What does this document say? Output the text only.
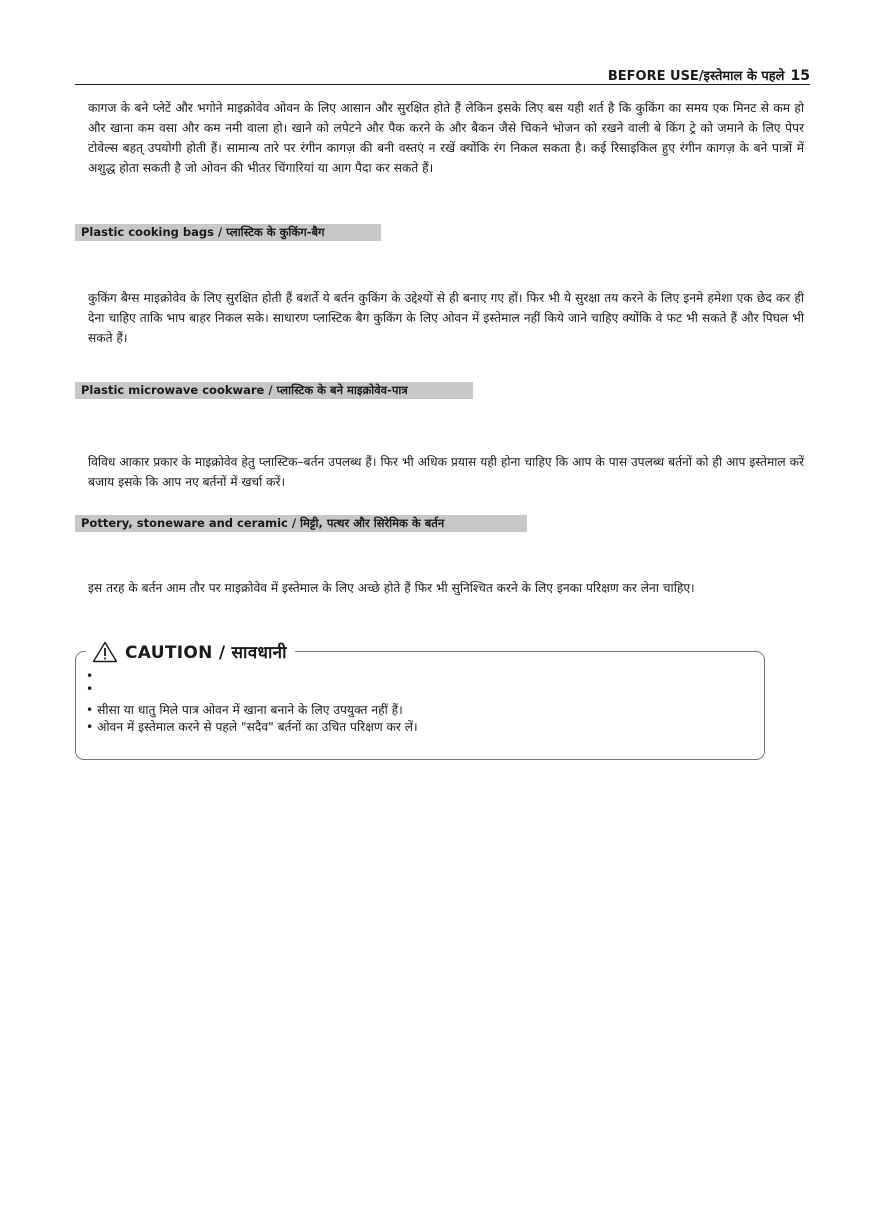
BEFORE USE/इस्तेमाल के पहले 15

कागज के बने प्लेटें और भगोने माइक्रोवेव ओवन के लिए आसान और सुरक्षित होते हैं लेकिन इसके लिए बस यही शर्त है कि कुकिंग का समय एक मिनट से कम हो और खाना कम वसा और कम नमी वाला हो। खाने को लपेटने और पैक करने के और बैकन जैसे चिकने भोजन को रखने वाली बे किंग ट्रे को जमाने के लिए पेपर टोवेल्स बहत् उपयोगी होती हैं। सामान्य तारे पर रंगीन कागज़ की बनी वस्तएं न रखें क्योंकि रंग निकल सकता है। कई रिसाइकिल हुए रंगीन कागज़ के बने पात्रों में अशुद्ध होता सकती है जो ओवन की भीतर चिंगारियां या आग पैदा कर सकते हैं।

Plastic cooking bags / प्लास्टिक के कुकिंग-बैग

कुकिंग बैग्स माइक्रोवेव के लिए सुरक्षित होती हैं बशर्ते ये बर्तन कुकिंग के उद्देश्यों से ही बनाए गए हों। फिर भी ये सुरक्षा तय करने के लिए इनमे हमेशा एक छेद कर ही देना चाहिए ताकि भाप बाहर निकल सके। साधारण प्लास्टिक बैग कुकिंग के लिए ओवन में इस्तेमाल नहीं किये जाने चाहिए क्योंकि वे फट भी सकते हैं और पिघल भी सकते हैं।

Plastic microwave cookware / प्लास्टिक के बने माइक्रोवेव-पात्र

विविध आकार प्रकार के माइक्रोवेव हेतु प्लास्टिक–बर्तन उपलब्ध हैं। फिर भी अधिक प्रयास यही होना चाहिए कि आप के पास उपलब्ध बर्तनों को ही आप इस्तेमाल करें बजाय इसके कि आप नए बर्तनों में खर्चा करें।

Pottery, stoneware and ceramic / मिट्टी, पत्थर और सिरेमिक के बर्तन

इस तरह के बर्तन आम तौर पर माइक्रोवेव में इस्तेमाल के लिए अच्छे होते हैं फिर भी सुनिश्चित करने के लिए इनका परिक्षण कर लेना चाहिए।

CAUTION / सावधानी
•
•
• सीसा या धातु मिले पात्र ओवन में खाना बनाने के लिए उपयुक्त नहीं हैं।
• ओवन में इस्तेमाल करने से पहले "सदैव" बर्तनों का उचित परिक्षण कर लें।
